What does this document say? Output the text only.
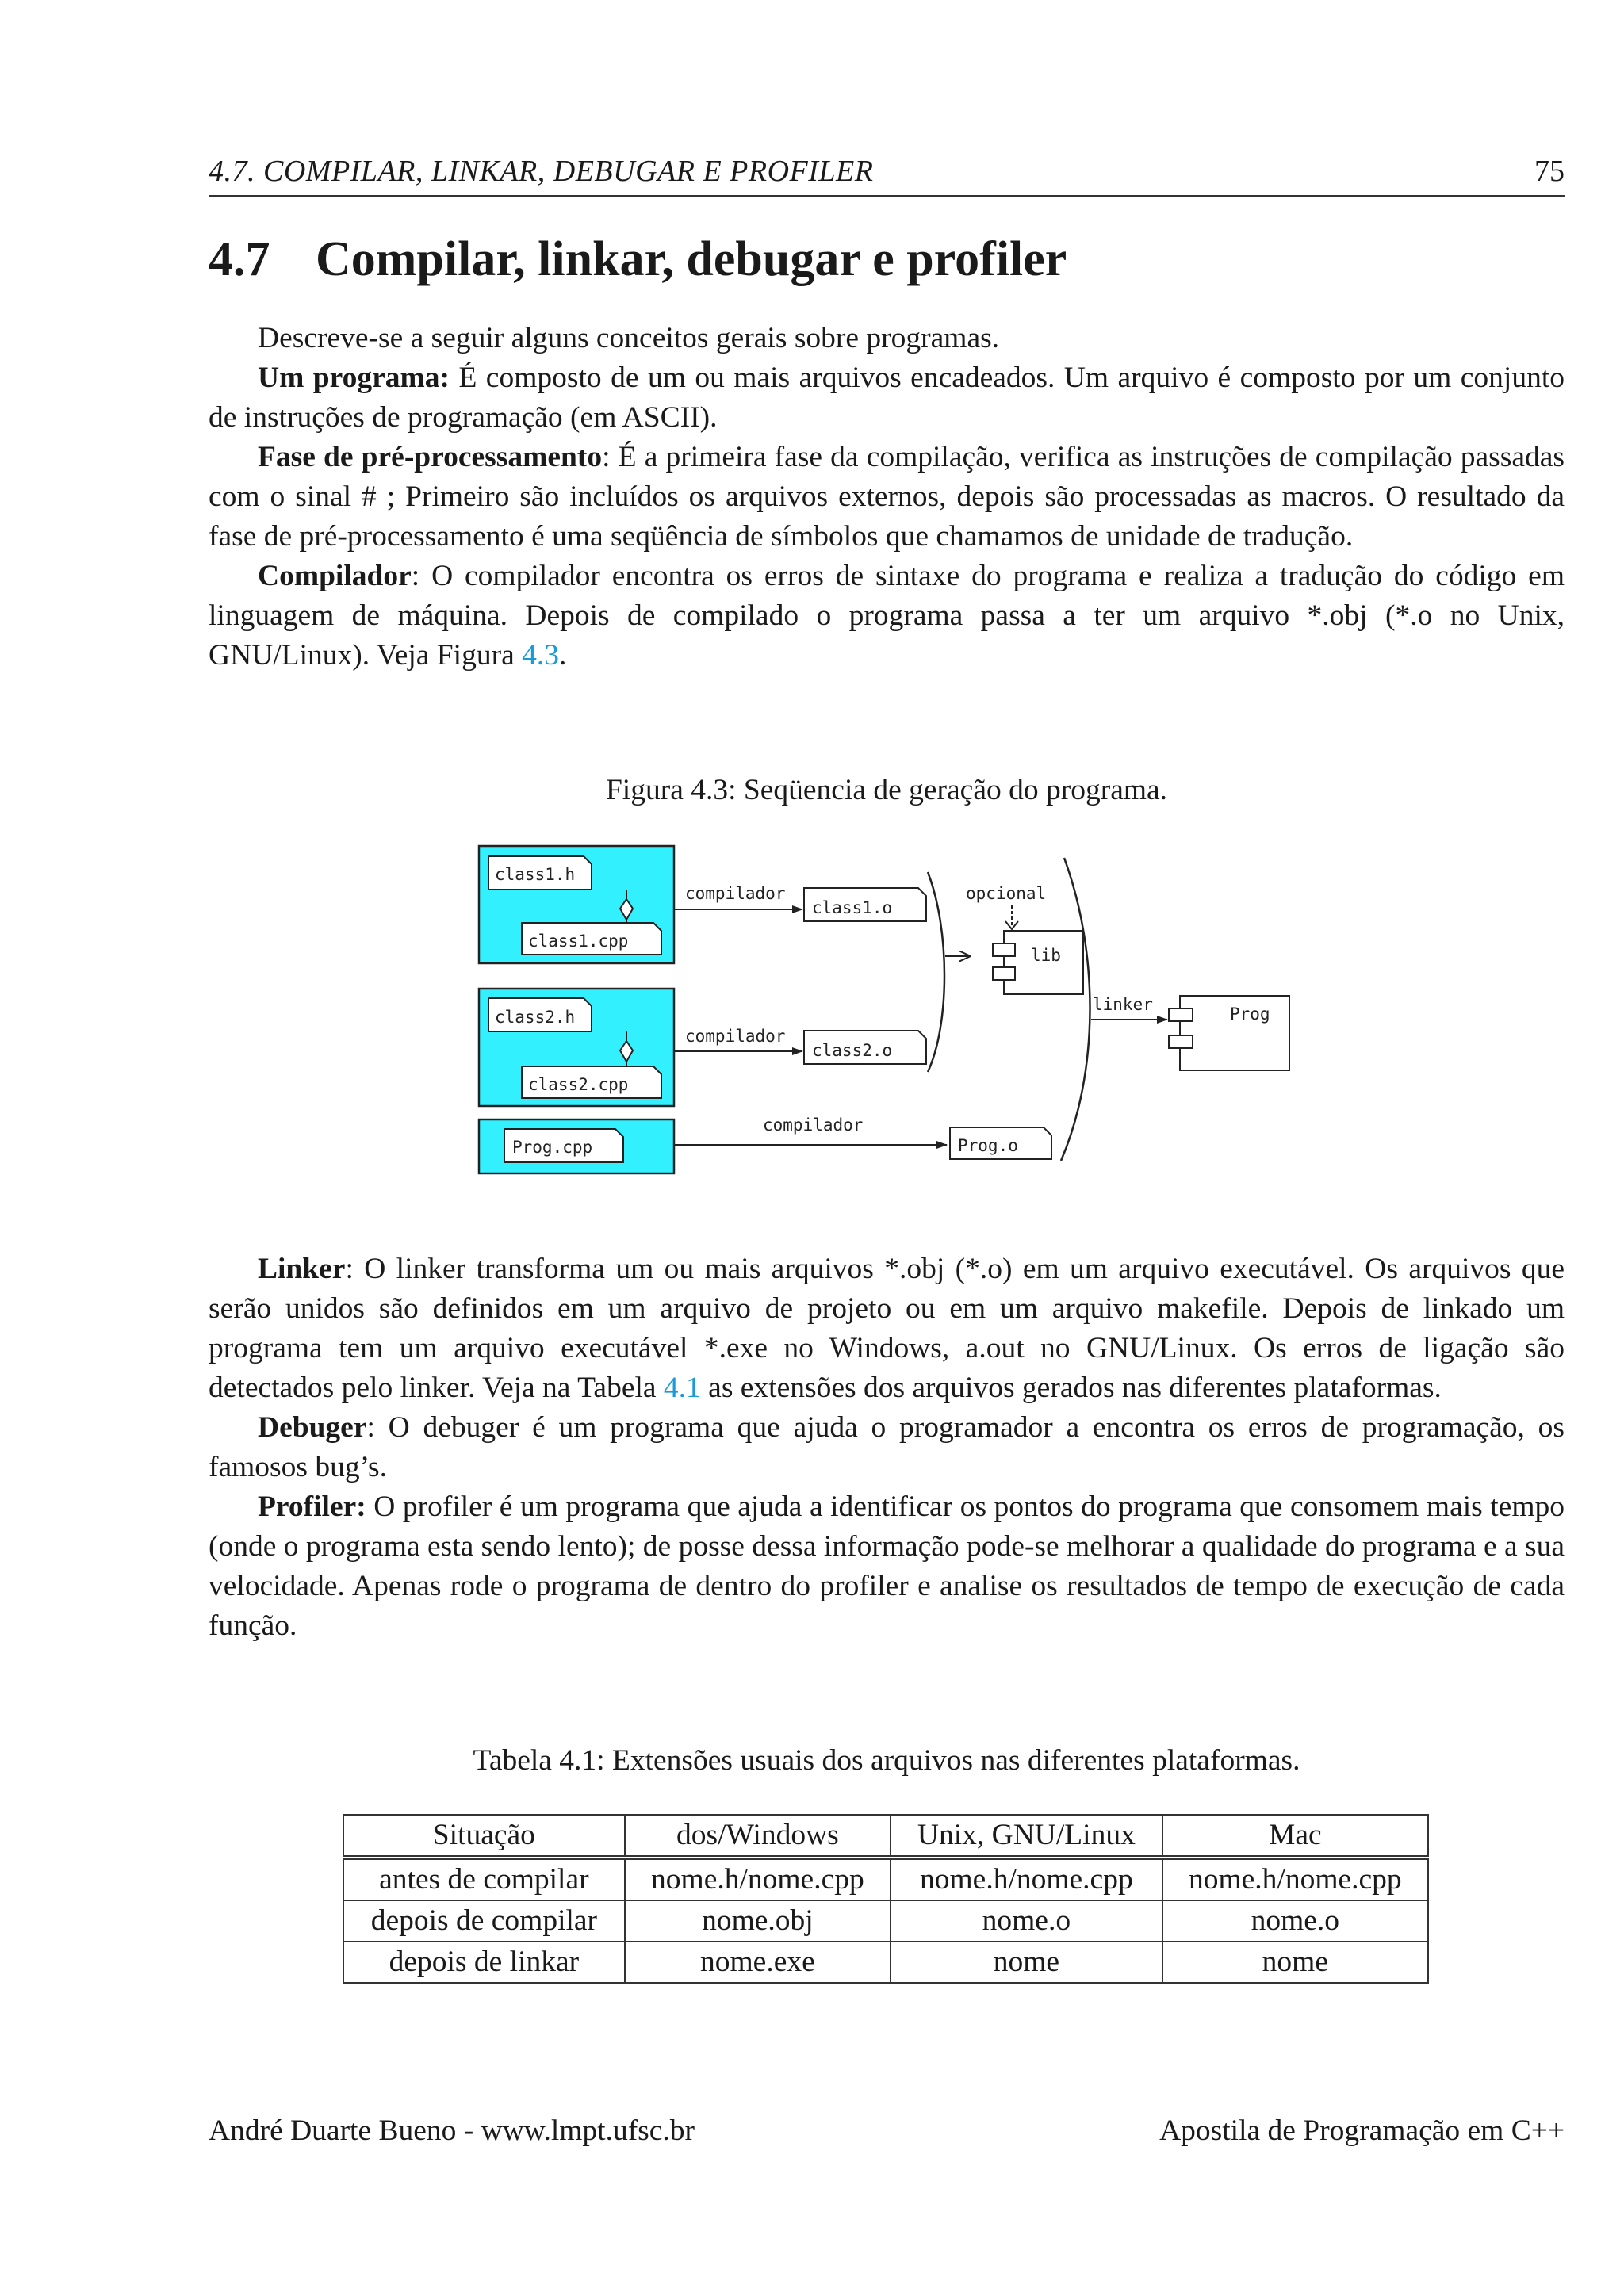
4.7. COMPILAR, LINKAR, DEBUGAR E PROFILER	75
4.7 Compilar, linkar, debugar e profiler

Descreve-se a seguir alguns conceitos gerais sobre programas.

Um programa: É composto de um ou mais arquivos encadeados. Um arquivo é composto por um conjunto de instruções de programação (em ASCII).

Fase de pré-processamento: É a primeira fase da compilação, verifica as instruções de compilação passadas com o sinal # ; Primeiro são incluídos os arquivos externos, depois são processadas as macros. O resultado da fase de pré-processamento é uma seqüência de símbolos que chamamos de unidade de tradução.

Compilador: O compilador encontra os erros de sintaxe do programa e realiza a tradução do código em linguagem de máquina. Depois de compilado o programa passa a ter um arquivo *.obj (*.o no Unix, GNU/Linux). Veja Figura 4.3.

Figura 4.3: Seqüencia de geração do programa.
class1.h
class1.cpp
class2.h
class2.cpp
Prog.cpp
compilador
compilador
compilador
class1.o
class2.o
Prog.o
opcional
lib
linker	Prog

Linker: O linker transforma um ou mais arquivos *.obj (*.o) em um arquivo executável. Os arquivos que serão unidos são definidos em um arquivo de projeto ou em um arquivo makefile. Depois de linkado um programa tem um arquivo executável *.exe no Windows, a.out no GNU/Linux. Os erros de ligação são detectados pelo linker. Veja na Tabela 4.1 as extensões dos arquivos gerados nas diferentes plataformas.

Debuger: O debuger é um programa que ajuda o programador a encontra os erros de programação, os famosos bug’s.

Profiler: O profiler é um programa que ajuda a identificar os pontos do programa que consomem mais tempo (onde o programa esta sendo lento); de posse dessa informação pode-se melhorar a qualidade do programa e a sua velocidade. Apenas rode o programa de dentro do profiler e analise os resultados de tempo de execução de cada função.

Tabela 4.1: Extensões usuais dos arquivos nas diferentes plataformas.
Situação	dos/Windows	Unix, GNU/Linux	Mac
antes de compilar	nome.h/nome.cpp	nome.h/nome.cpp	nome.h/nome.cpp
depois de compilar	nome.obj	nome.o	nome.o
depois de linkar	nome.exe	nome	nome
André Duarte Bueno - www.lmpt.ufsc.br	Apostila de Programação em C++
